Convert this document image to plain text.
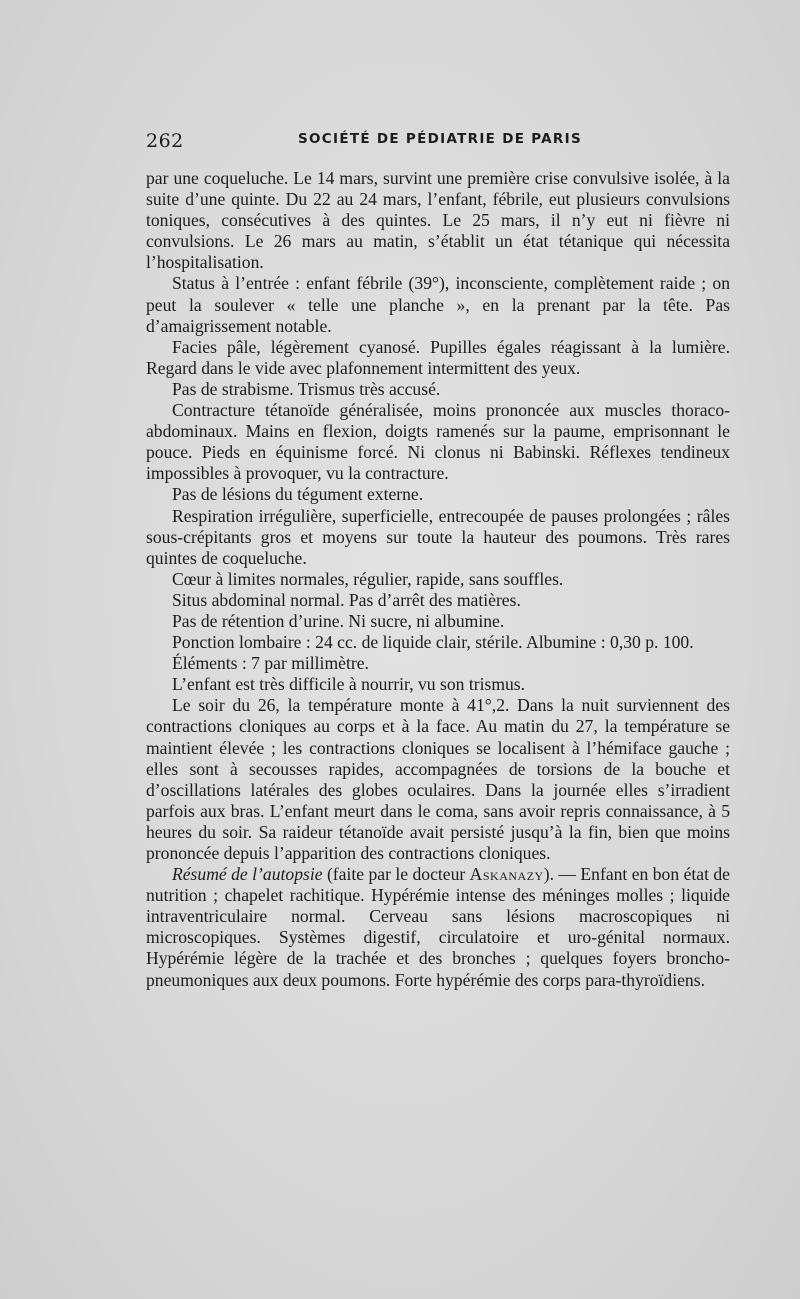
262	SOCIÉTÉ DE PÉDIATRIE DE PARIS

par une coqueluche. Le 14 mars, survint une première crise convulsive isolée, à la suite d’une quinte. Du 22 au 24 mars, l’enfant, fébrile, eut plusieurs convulsions toniques, consécutives à des quintes. Le 25 mars, il n’y eut ni fièvre ni convulsions. Le 26 mars au matin, s’établit un état tétanique qui nécessita l’hospitalisation.

Status à l’entrée : enfant fébrile (39°), inconsciente, complètement raide ; on peut la soulever « telle une planche », en la prenant par la tête. Pas d’amaigrissement notable.

Facies pâle, légèrement cyanosé. Pupilles égales réagissant à la lumière. Regard dans le vide avec plafonnement intermittent des yeux.

Pas de strabisme. Trismus très accusé.

Contracture tétanoïde généralisée, moins prononcée aux muscles thoraco-abdominaux. Mains en flexion, doigts ramenés sur la paume, emprisonnant le pouce. Pieds en équinisme forcé. Ni clonus ni Babinski. Réflexes tendineux impossibles à provoquer, vu la contracture.

Pas de lésions du tégument externe.

Respiration irrégulière, superficielle, entrecoupée de pauses prolongées ; râles sous-crépitants gros et moyens sur toute la hauteur des poumons. Très rares quintes de coqueluche.

Cœur à limites normales, régulier, rapide, sans souffles.

Situs abdominal normal. Pas d’arrêt des matières.

Pas de rétention d’urine. Ni sucre, ni albumine.

Ponction lombaire : 24 cc. de liquide clair, stérile. Albumine : 0,30 p. 100.

Éléments : 7 par millimètre.

L’enfant est très difficile à nourrir, vu son trismus.

Le soir du 26, la température monte à 41°,2. Dans la nuit surviennent des contractions cloniques au corps et à la face. Au matin du 27, la température se maintient élevée ; les contractions cloniques se localisent à l’hémiface gauche ; elles sont à secousses rapides, accompagnées de torsions de la bouche et d’oscillations latérales des globes oculaires. Dans la journée elles s’irradient parfois aux bras. L’enfant meurt dans le coma, sans avoir repris connaissance, à 5 heures du soir. Sa raideur tétanoïde avait persisté jusqu’à la fin, bien que moins prononcée depuis l’apparition des contractions cloniques.

Résumé de l’autopsie (faite par le docteur Askanazy). — Enfant en bon état de nutrition ; chapelet rachitique. Hypérémie intense des méninges molles ; liquide intraventriculaire normal. Cerveau sans lésions macroscopiques ni microscopiques. Systèmes digestif, circulatoire et uro-génital normaux. Hypérémie légère de la trachée et des bronches ; quelques foyers broncho-pneumoniques aux deux poumons. Forte hypérémie des corps para-thyroïdiens.
